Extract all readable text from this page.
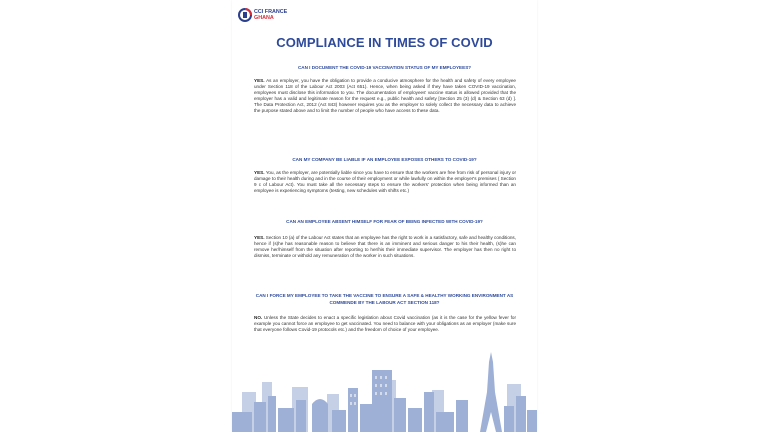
CCI FRANCE
GHANA
COMPLIANCE IN TIMES OF COVID
CAN I DOCUMENT THE COVID-19 VACCINATION STATUS OF MY EMPLOYEES?
YES. As an employer, you have the obligation to provide a conducive atmosphere for the health and safety of every employee under Section 118 of the Labour Act 2003 (Act 651). Hence, when being asked if they have taken COVID-19 vaccination, employees must disclose this information to you. The documentation of employees' vaccine status is allowed provided that the employer has a valid and legitimate reason for the request e.g., public health and safety [Section 25 (3) (d) & Section 63 (d) ]. The Data Protection Act, 2012 (Act 843) however requires you as the employer to solely collect the necessary data to achieve the purpose stated above and to limit the number of people who have access to these data.
CAN MY COMPANY BE LIABLE IF AN EMPLOYEE EXPOSES OTHERS TO COVID-19?
YES. You, as the employer, are potentially liable since you have to ensure that the workers are free from risk of personal injury or damage to their health during and in the course of their employment or while lawfully on within the employer's premises ( Section 9 c of Labour Act). You must take all the necessary steps to ensure the workers' protection when being informed than an employee is experiencing symptoms (testing, new schedules with shifts etc.)
CAN AN EMPLOYEE ABSENT HIMSELF FOR FEAR OF BEING INFECTED WITH COVID-19?
YES. Section 10 (a) of the Labour Act states that an employee has the right to work in a satisfactory, safe and healthy conditions, hence if (s)he has reasonable reason to believe that there is an imminent and serious danger to his their health, (s)he can remove her/himself from the situation after reporting to her/his their immediate supervisor. The employer has then no right to dismiss, terminate or withold any remuneration of the worker in such situations.
CAN I FORCE MY EMPLOYEE TO TAKE THE VACCINE TO ENSURE A SAFE & HEALTHY WORKING ENVIRONMENT AS COMMENDE BY THE LABOUR ACT SECTION 118?
NO. Unless the State decides to enact a specific legislation about Covid vaccination (as it is the case for the yellow fever for example you cannot force an employee to get vaccinated. You need to balance with your obligations as an employer (make sure that everyone follows Covid-19 protocols etc.) and the freedom of choice of your employee.
